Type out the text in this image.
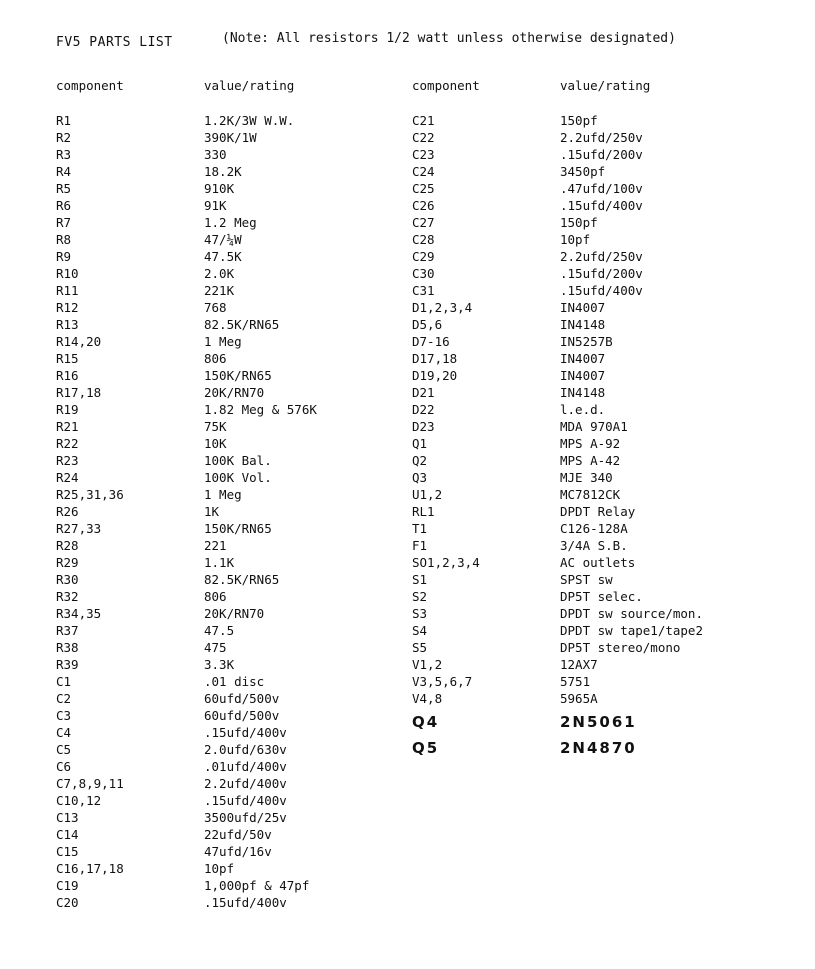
FV5 PARTS LIST	(Note: All resistors 1/2 watt unless otherwise designated)
component	value/rating
R1	1.2K/3W W.W.
R2	390K/1W
R3	330
R4	18.2K
R5	910K
R6	91K
R7	1.2 Meg
R8	47/¼W
R9	47.5K
R10	2.0K
R11	221K
R12	768
R13	82.5K/RN65
R14,20	1 Meg
R15	806
R16	150K/RN65
R17,18	20K/RN70
R19	1.82 Meg & 576K
R21	75K
R22	10K
R23	100K Bal.
R24	100K Vol.
R25,31,36	1 Meg
R26	1K
R27,33	150K/RN65
R28	221
R29	1.1K
R30	82.5K/RN65
R32	806
R34,35	20K/RN70
R37	47.5
R38	475
R39	3.3K
C1	.01 disc
C2	60ufd/500v
C3	60ufd/500v
C4	.15ufd/400v
C5	2.0ufd/630v
C6	.01ufd/400v
C7,8,9,11	2.2ufd/400v
C10,12	.15ufd/400v
C13	3500ufd/25v
C14	22ufd/50v
C15	47ufd/16v
C16,17,18	10pf
C19	1,000pf & 47pf
C20	.15ufd/400v
component	value/rating
C21	150pf
C22	2.2ufd/250v
C23	.15ufd/200v
C24	3450pf
C25	.47ufd/100v
C26	.15ufd/400v
C27	150pf
C28	10pf
C29	2.2ufd/250v
C30	.15ufd/200v
C31	.15ufd/400v
D1,2,3,4	IN4007
D5,6	IN4148
D7-16	IN5257B
D17,18	IN4007
D19,20	IN4007
D21	IN4148
D22	l.e.d.
D23	MDA 970A1
Q1	MPS A-92
Q2	MPS A-42
Q3	MJE 340
U1,2	MC7812CK
RL1	DPDT Relay
T1	C126-128A
F1	3/4A S.B.
SO1,2,3,4	AC outlets
S1	SPST sw
S2	DP5T selec.
S3	DPDT sw source/mon.
S4	DPDT sw tape1/tape2
S5	DP5T stereo/mono
V1,2	12AX7
V3,5,6,7	5751
V4,8	5965A
Q4	2N5061
Q5	2N4870
